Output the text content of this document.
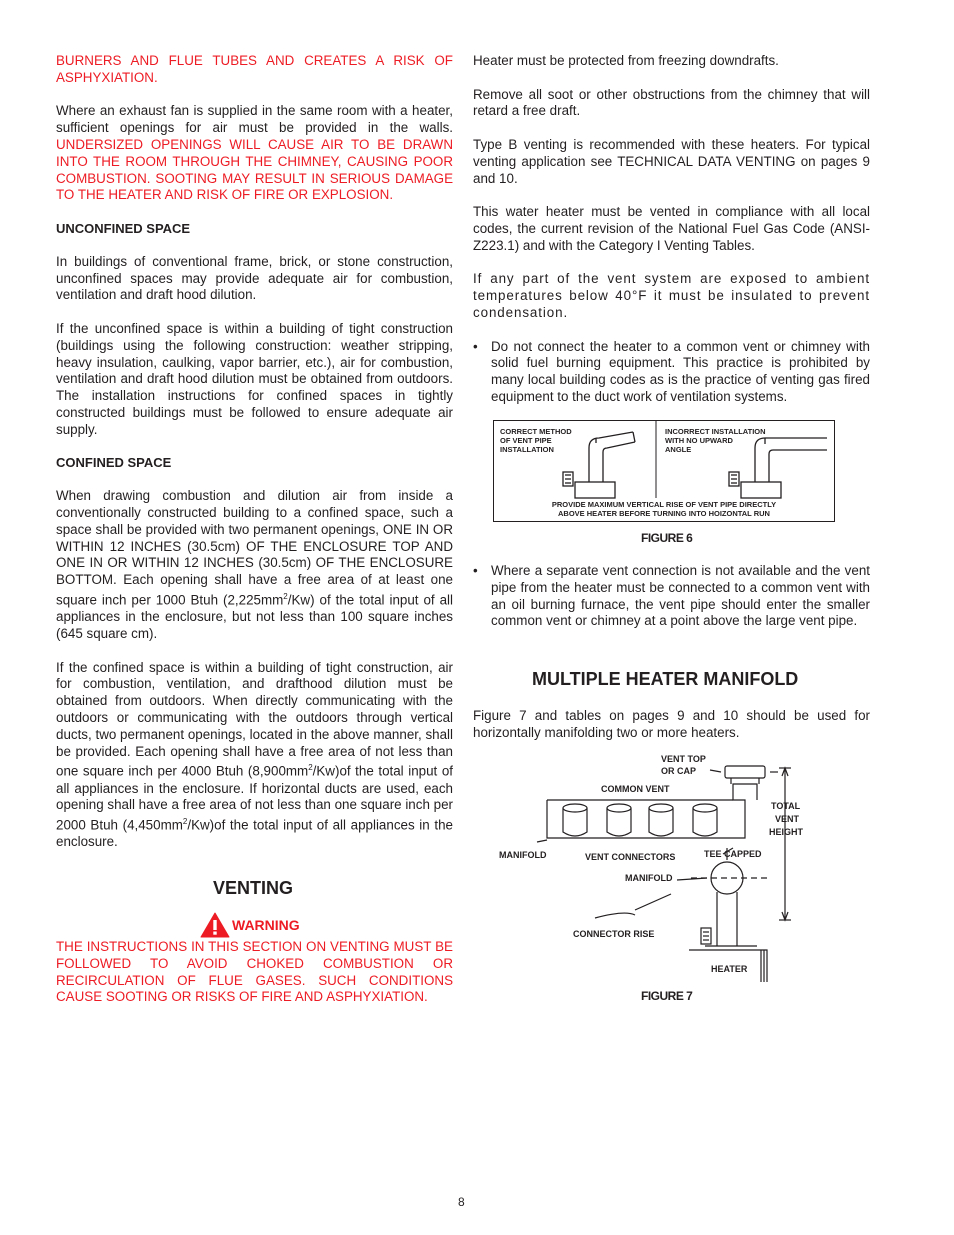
BURNERS AND FLUE TUBES AND CREATES A RISK OF ASPHYXIATION.

Where an exhaust fan is supplied in the same room with a heater, sufficient openings for air must be provided in the walls. UNDERSIZED OPENINGS WILL CAUSE AIR TO BE DRAWN INTO THE ROOM THROUGH THE CHIMNEY, CAUSING POOR COMBUSTION. SOOTING MAY RESULT IN SERIOUS DAMAGE TO THE HEATER AND RISK OF FIRE OR EXPLOSION.

UNCONFINED SPACE

In buildings of conventional frame, brick, or stone construction, unconfined spaces may provide adequate air for combustion, ventilation and draft hood dilution.

If the unconfined space is within a building of tight construction (buildings using the following construction: weather stripping, heavy insulation, caulking, vapor barrier, etc.), air for combustion, ventilation and draft hood dilution must be obtained from outdoors. The installation instructions for confined spaces in tightly constructed buildings must be followed to ensure adequate air supply.

CONFINED SPACE

When drawing combustion and dilution air from inside a conventionally constructed building to a confined space, such a space shall be provided with two permanent openings, ONE IN OR WITHIN 12 INCHES (30.5cm) OF THE ENCLOSURE TOP AND ONE IN OR WITHIN 12 INCHES (30.5cm) OF THE ENCLOSURE BOTTOM. Each opening shall have a free area of at least one square inch per 1000 Btuh $(2,225mm^2/Kw)$ of the total input of all appliances in the enclosure, but not less than 100 square inches (645 square cm).

If the confined space is within a building of tight construction, air for combustion, ventilation, and drafthood dilution must be obtained from outdoors. When directly communicating with the outdoors or communicating with the outdoors through vertical ducts, two permanent openings, located in the above manner, shall be provided. Each opening shall have a free area of not less than one square inch per 4000 Btuh $(8,900mm^2/Kw)of$ the total input of all appliances in the enclosure. If horizontal ducts are used, each opening shall have a free area of not less than one square inch per 2000 Btuh $(4,450mm^2/Kw)of$ the total input of all appliances in the enclosure.

VENTING
WARNING
THE INSTRUCTIONS IN THIS SECTION ON VENTING MUST BE FOLLOWED TO AVOID CHOKED COMBUSTION OR RECIRCULATION OF FLUE GASES. SUCH CONDITIONS CAUSE SOOTING OR RISKS OF FIRE AND ASPHYXIATION.

Heater must be protected from freezing downdrafts.

Remove all soot or other obstructions from the chimney that will retard a free draft.

Type B venting is recommended with these heaters. For typical venting application see TECHNICAL DATA VENTING on pages 9 and 10.

This water heater must be vented in compliance with all local codes, the current revision of the National Fuel Gas Code (ANSI-Z223.1) and with the Category I Venting Tables.

If any part of the vent system are exposed to ambient temperatures below 40°F it must be insulated to prevent condensation.

• Do not connect the heater to a common vent or chimney with solid fuel burning equipment. This practice is prohibited by many local building codes as is the practice of venting gas fired equipment to the duct work of ventilation systems.
CORRECT METHOD
OF VENT PIPE
INSTALLATION
INCORRECT INSTALLATION
WITH NO UPWARD
ANGLE
PROVIDE MAXIMUM VERTICAL RISE OF VENT PIPE DIRECTLY
ABOVE HEATER BEFORE TURNING INTO HOIZONTAL RUN
FIGURE 6
• Where a separate vent connection is not available and the vent pipe from the heater must be connected to a common vent with an oil burning furnace, the vent pipe should enter the smaller common vent or chimney at a point above the large vent pipe.
MULTIPLE HEATER MANIFOLD
Figure 7 and tables on pages 9 and 10 should be used for horizontally manifolding two or more heaters.
VENT TOP
OR CAP
COMMON VENT
TOTAL
VENT
HEIGHT
MANIFOLD	VENT CONNECTORS	TEE CAPPED
MANIFOLD
CONNECTOR RISE
HEATER
FIGURE 7
8
